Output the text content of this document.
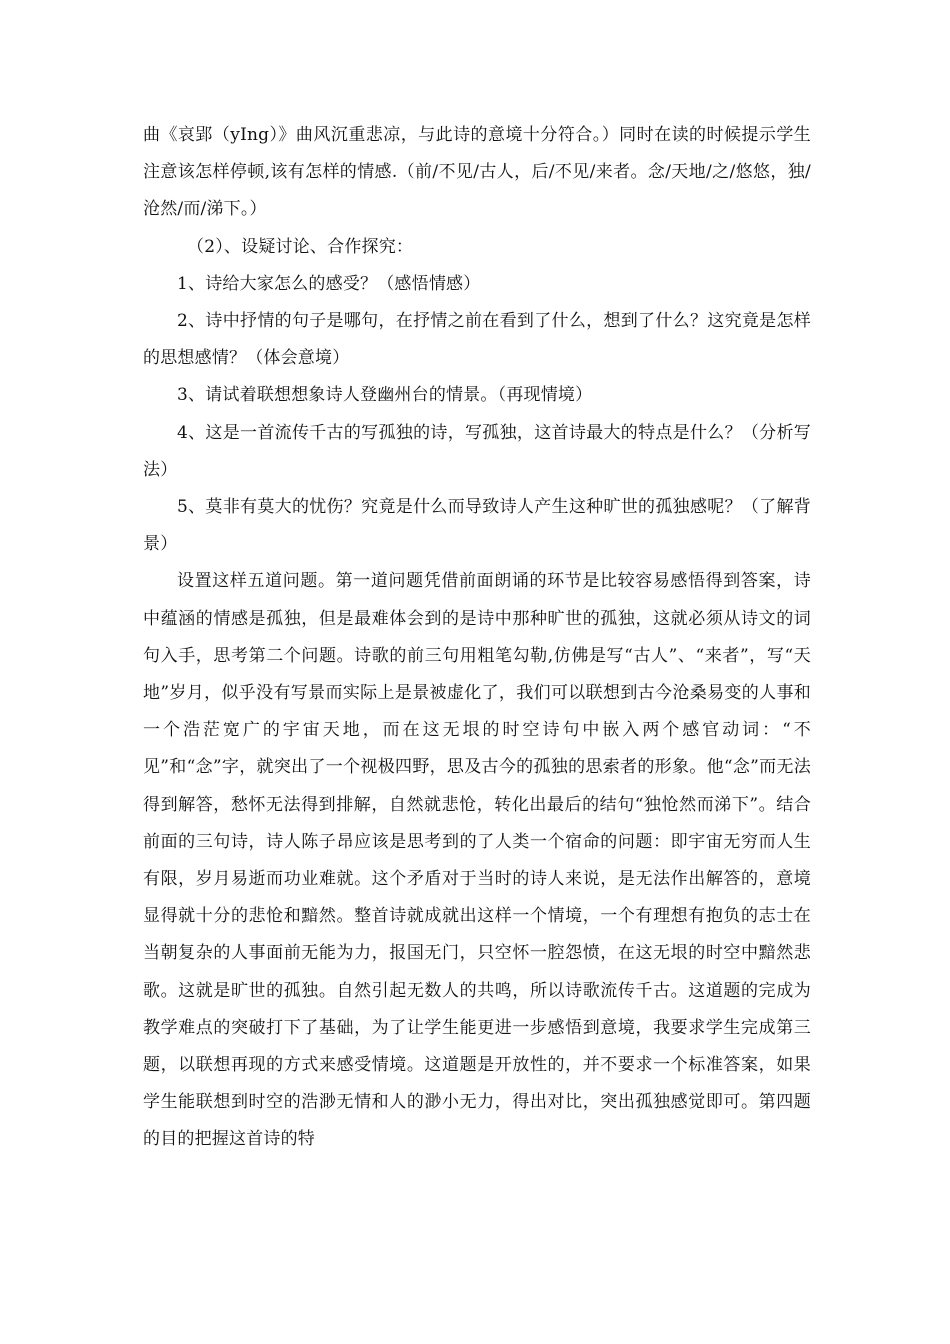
曲《哀郢（yIng）》曲风沉重悲凉，与此诗的意境十分符合。）同时在读的时候提示学生注意该怎样停顿,该有怎样的情感.（前/不见/古人，后/不见/来者。念/天地/之/悠悠，独/沧然/而/涕下。）

（2）、设疑讨论、合作探究：

1、诗给大家怎么的感受？（感悟情感）

2、诗中抒情的句子是哪句，在抒情之前在看到了什么，想到了什么？这究竟是怎样的思想感情？（体会意境）

3、请试着联想想象诗人登幽州台的情景。（再现情境）

4、这是一首流传千古的写孤独的诗，写孤独，这首诗最大的特点是什么？（分析写法）

5、莫非有莫大的忧伤？究竟是什么而导致诗人产生这种旷世的孤独感呢？（了解背景）

设置这样五道问题。第一道问题凭借前面朗诵的环节是比较容易感悟得到答案，诗中蕴涵的情感是孤独，但是最难体会到的是诗中那种旷世的孤独，这就必须从诗文的词句入手，思考第二个问题。诗歌的前三句用粗笔勾勒,仿佛是写“古人”、“来者”，写“天地”岁月，似乎没有写景而实际上是景被虚化了，我们可以联想到古今沧桑易变的人事和一个浩茫宽广的宇宙天地，而在这无垠的时空诗句中嵌入两个感官动词：“不见”和“念”字，就突出了一个视极四野，思及古今的孤独的思索者的形象。他“念”而无法得到解答，愁怀无法得到排解，自然就悲怆，转化出最后的结句“独怆然而涕下”。结合前面的三句诗，诗人陈子昂应该是思考到的了人类一个宿命的问题：即宇宙无穷而人生有限，岁月易逝而功业难就。这个矛盾对于当时的诗人来说，是无法作出解答的，意境显得就十分的悲怆和黯然。整首诗就成就出这样一个情境，一个有理想有抱负的志士在当朝复杂的人事面前无能为力，报国无门，只空怀一腔怨愤，在这无垠的时空中黯然悲歌。这就是旷世的孤独。自然引起无数人的共鸣，所以诗歌流传千古。这道题的完成为教学难点的突破打下了基础，为了让学生能更进一步感悟到意境，我要求学生完成第三题，以联想再现的方式来感受情境。这道题是开放性的，并不要求一个标准答案，如果学生能联想到时空的浩渺无情和人的渺小无力，得出对比，突出孤独感觉即可。第四题的目的把握这首诗的特
